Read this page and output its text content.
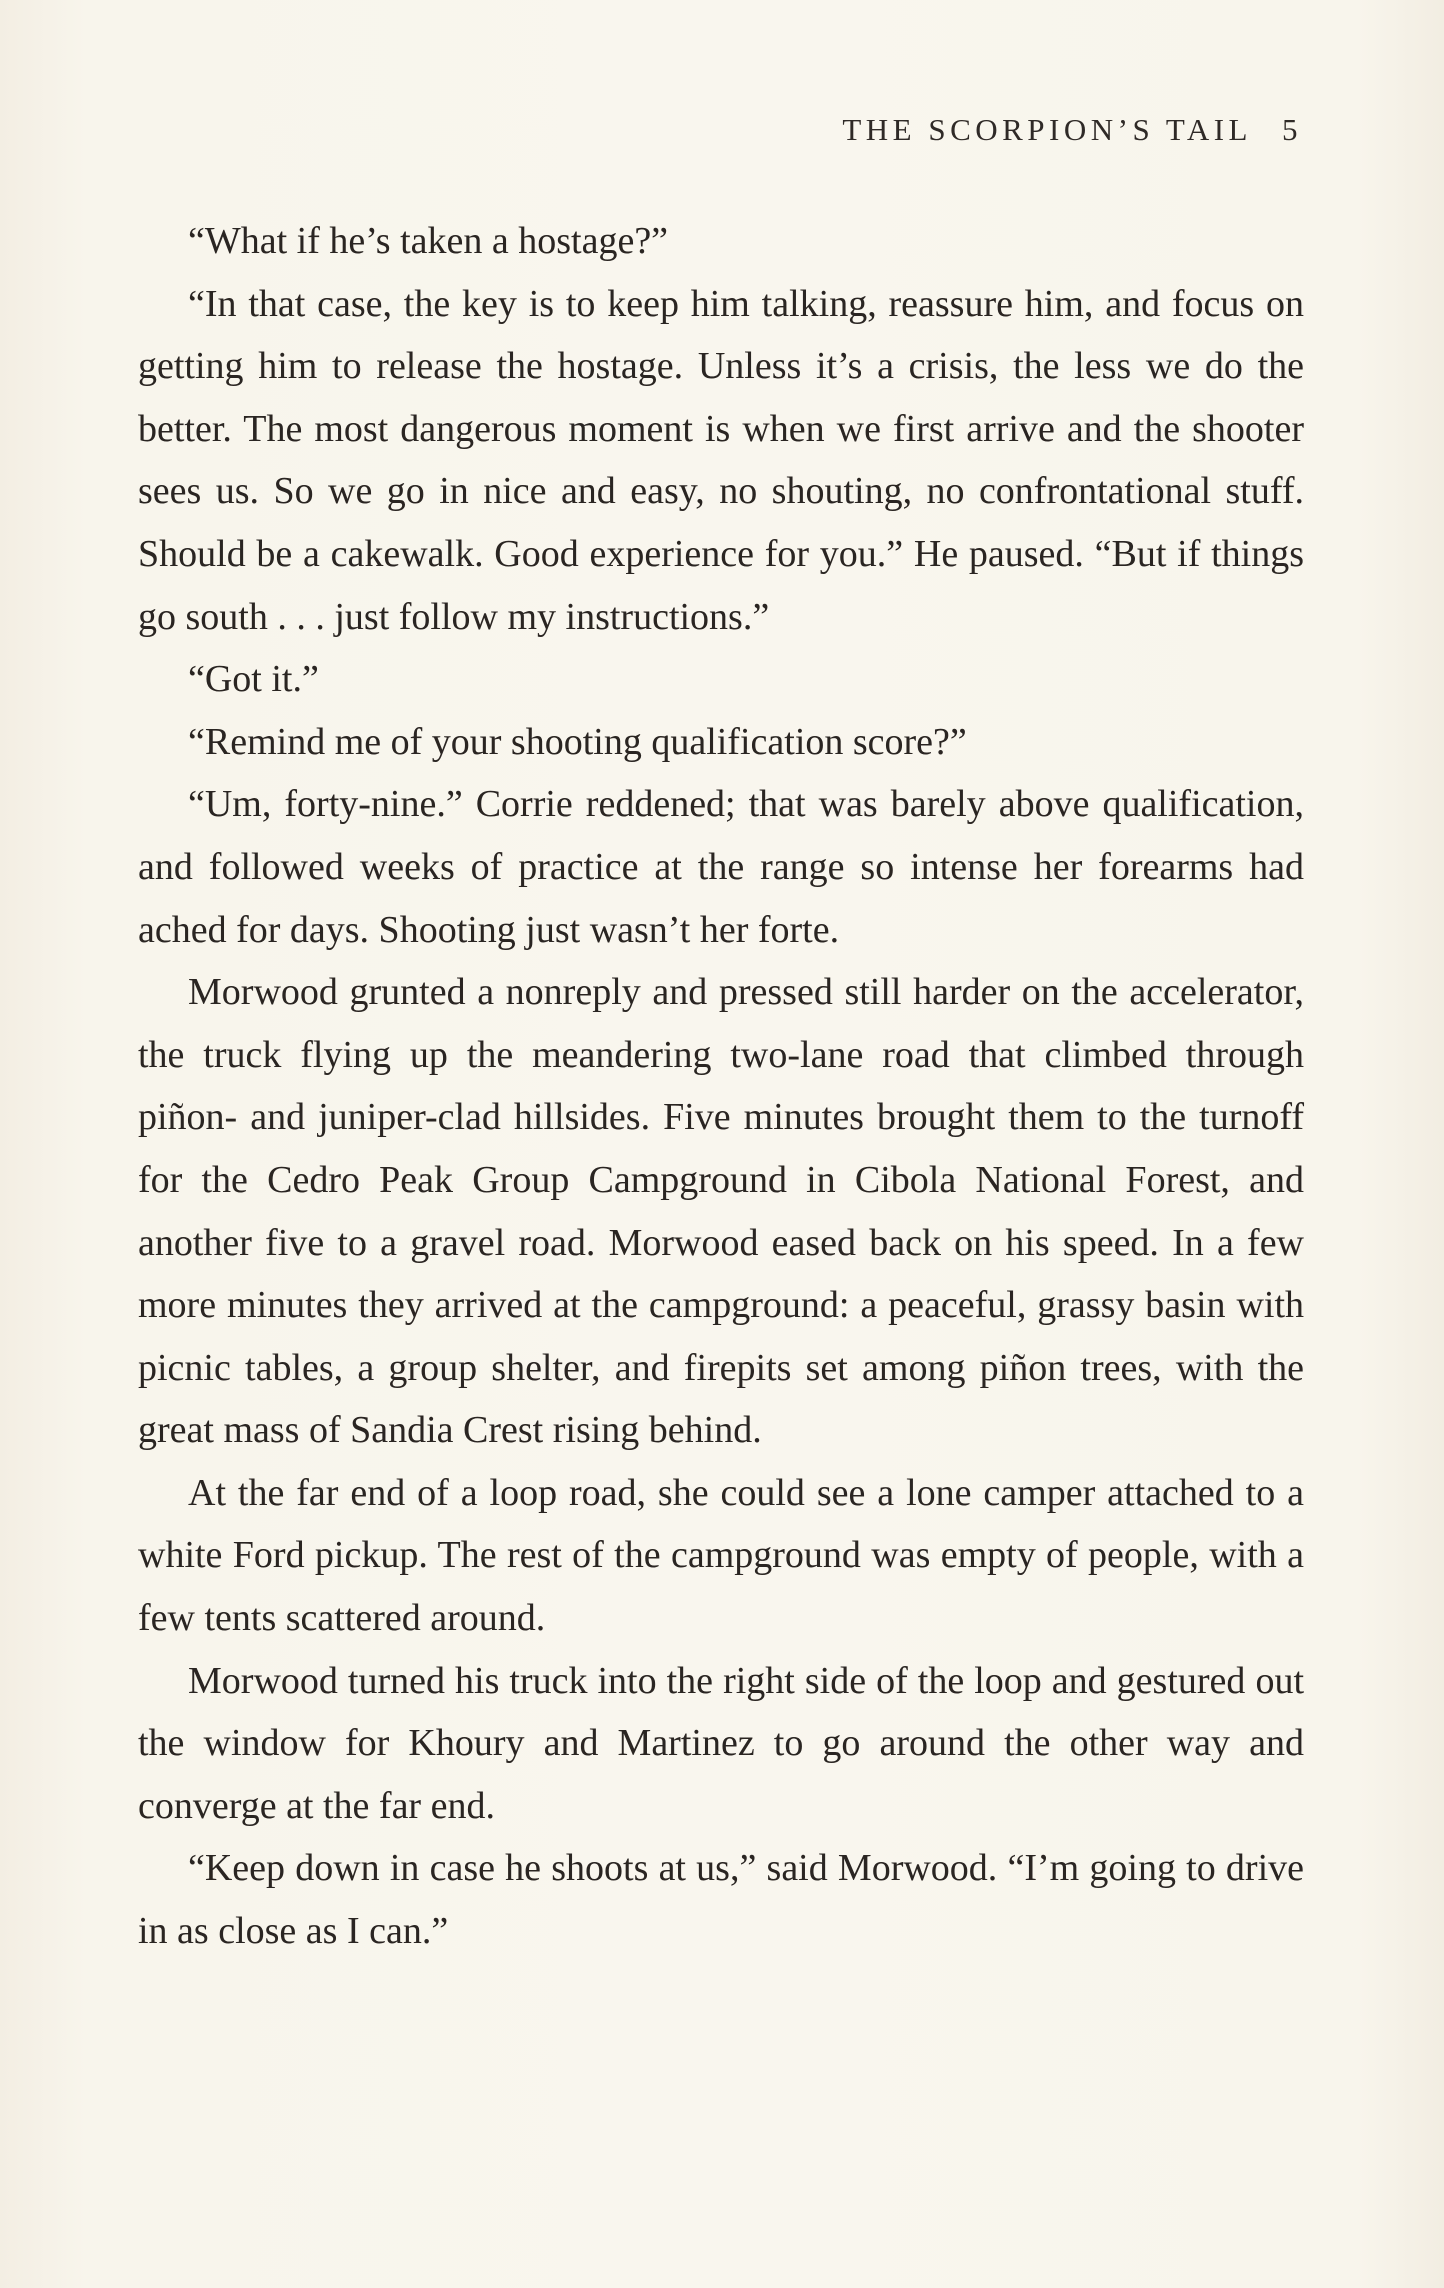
THE SCORPION’S TAIL 5

“What if he’s taken a hostage?”

“In that case, the key is to keep him talking, reassure him, and focus on getting him to release the hostage. Unless it’s a crisis, the less we do the better. The most dangerous moment is when we first arrive and the shooter sees us. So we go in nice and easy, no shouting, no confrontational stuff. Should be a cakewalk. Good experience for you.” He paused. “But if things go south . . . just follow my instructions.”

“Got it.”

“Remind me of your shooting qualification score?”

“Um, forty-nine.” Corrie reddened; that was barely above qualification, and followed weeks of practice at the range so intense her forearms had ached for days. Shooting just wasn’t her forte.

Morwood grunted a nonreply and pressed still harder on the accelerator, the truck flying up the meandering two-lane road that climbed through piñon- and juniper-clad hillsides. Five minutes brought them to the turnoff for the Cedro Peak Group Campground in Cibola National Forest, and another five to a gravel road. Morwood eased back on his speed. In a few more minutes they arrived at the campground: a peaceful, grassy basin with picnic tables, a group shelter, and firepits set among piñon trees, with the great mass of Sandia Crest rising behind.

At the far end of a loop road, she could see a lone camper attached to a white Ford pickup. The rest of the campground was empty of people, with a few tents scattered around.

Morwood turned his truck into the right side of the loop and gestured out the window for Khoury and Martinez to go around the other way and converge at the far end.

“Keep down in case he shoots at us,” said Morwood. “I’m going to drive in as close as I can.”
